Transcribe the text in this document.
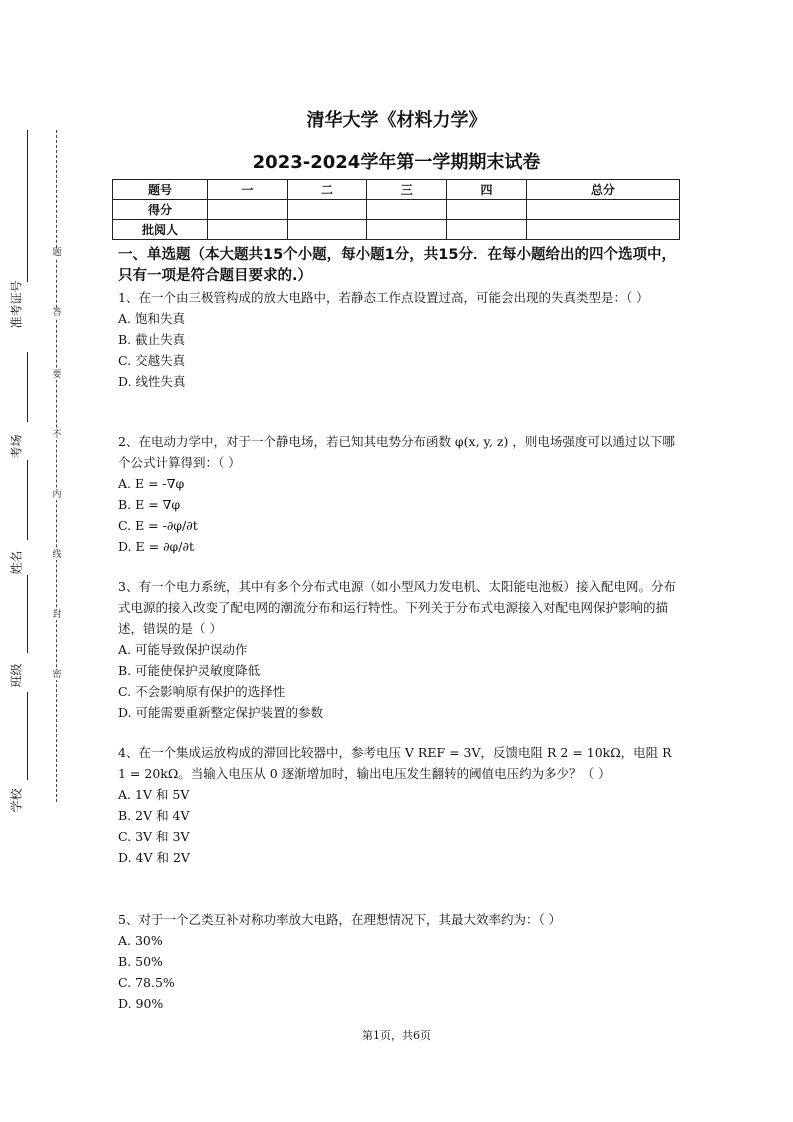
题
答
要
不
内
线
封
密
准考证号
考场
姓名
班级
学校
清华大学《材料力学》
2023-2024学年第一学期期末试卷
题号	一	二	三	四	总分
得分					
批阅人					
一、单选题（本大题共15个小题，每小题1分，共15分．在每小题给出的四个选项中，只有一项是符合题目要求的.）

1、在一个由三极管构成的放大电路中，若静态工作点设置过高，可能会出现的失真类型是：（ ）

A. 饱和失真

B. 截止失真

C. 交越失真

D. 线性失真

2、在电动力学中，对于一个静电场，若已知其电势分布函数 φ(x, y, z) ，则电场强度可以通过以下哪个公式计算得到：（ ）

A. E = -∇φ

B. E = ∇φ

C. E = -∂φ/∂t

D. E = ∂φ/∂t

3、有一个电力系统，其中有多个分布式电源（如小型风力发电机、太阳能电池板）接入配电网。分布式电源的接入改变了配电网的潮流分布和运行特性。下列关于分布式电源接入对配电网保护影响的描述，错误的是（ ）

A. 可能导致保护误动作

B. 可能使保护灵敏度降低

C. 不会影响原有保护的选择性

D. 可能需要重新整定保护装置的参数

4、在一个集成运放构成的滞回比较器中，参考电压 V REF = 3V，反馈电阻 R 2 = 10kΩ，电阻 R 1 = 20kΩ。当输入电压从 0 逐渐增加时，输出电压发生翻转的阈值电压约为多少？（ ）

A. 1V 和 5V

B. 2V 和 4V

C. 3V 和 3V

D. 4V 和 2V

5、对于一个乙类互补对称功率放大电路，在理想情况下，其最大效率约为：（ ）

A. 30%

B. 50%

C. 78.5%

D. 90%

第1页，共6页
